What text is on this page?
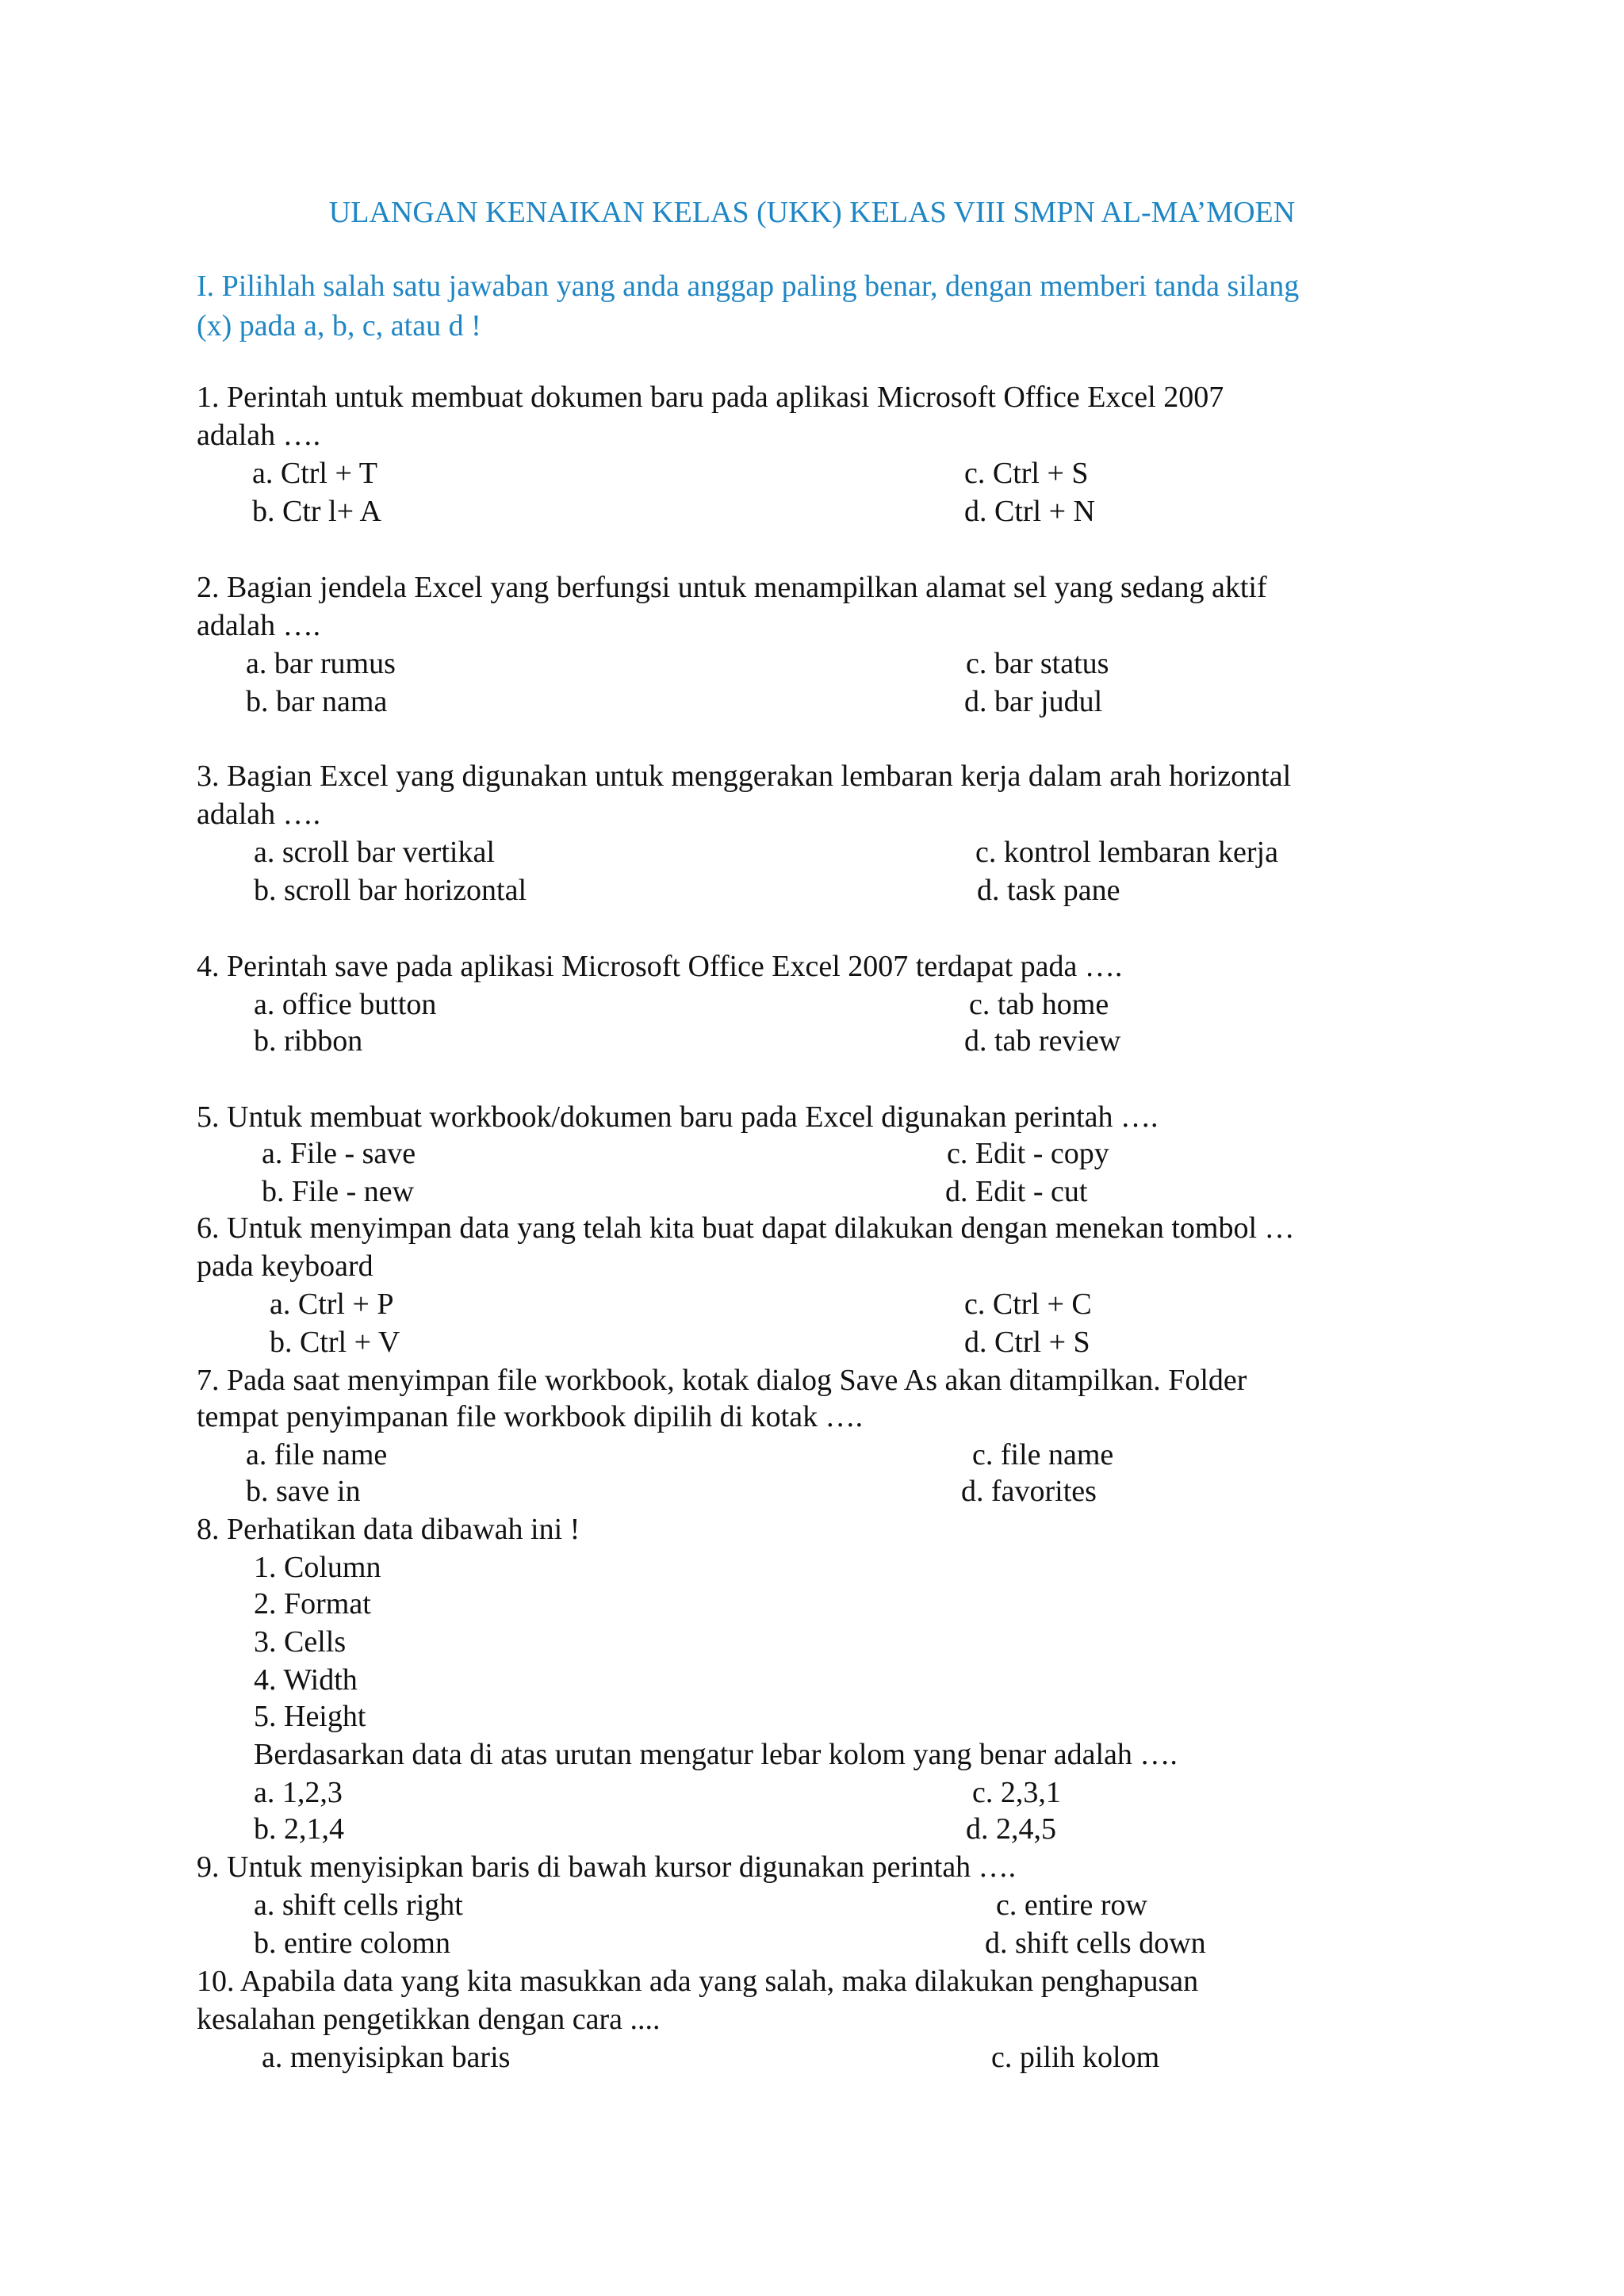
ULANGAN KENAIKAN KELAS (UKK) KELAS VIII SMPN AL-MA’MOEN
I. Pilihlah salah satu jawaban yang anda anggap paling benar, dengan memberi tanda silang
(x) pada a, b, c, atau d !
1. Perintah untuk membuat dokumen baru pada aplikasi Microsoft Office Excel 2007
adalah ….
a. Ctrl + T	c. Ctrl + S
b. Ctr l+ A	d. Ctrl + N
2. Bagian jendela Excel yang berfungsi untuk menampilkan alamat sel yang sedang aktif
adalah ….
a. bar rumus	c. bar status
b. bar nama	d. bar judul
3. Bagian Excel yang digunakan untuk menggerakan lembaran kerja dalam arah horizontal
adalah ….
a. scroll bar vertikal	c. kontrol lembaran kerja
b. scroll bar horizontal	d. task pane
4. Perintah save pada aplikasi Microsoft Office Excel 2007 terdapat pada ….
a. office button	c. tab home
b. ribbon	d. tab review
5. Untuk membuat workbook/dokumen baru pada Excel digunakan perintah ….
a. File - save	c. Edit - copy
b. File - new	d. Edit - cut
6. Untuk menyimpan data yang telah kita buat dapat dilakukan dengan menekan tombol …
pada keyboard
a. Ctrl + P	c. Ctrl + C
b. Ctrl + V	d. Ctrl + S
7. Pada saat menyimpan file workbook, kotak dialog Save As akan ditampilkan. Folder
tempat penyimpanan file workbook dipilih di kotak ….
a. file name	c. file name
b. save in	d. favorites
8. Perhatikan data dibawah ini !
1. Column
2. Format
3. Cells
4. Width
5. Height
Berdasarkan data di atas urutan mengatur lebar kolom yang benar adalah ….
a. 1,2,3	c. 2,3,1
b. 2,1,4	d. 2,4,5
9. Untuk menyisipkan baris di bawah kursor digunakan perintah ….
a. shift cells right	c. entire row
b. entire colomn	d. shift cells down
10. Apabila data yang kita masukkan ada yang salah, maka dilakukan penghapusan
kesalahan pengetikkan dengan cara ....
a. menyisipkan baris	c. pilih kolom
